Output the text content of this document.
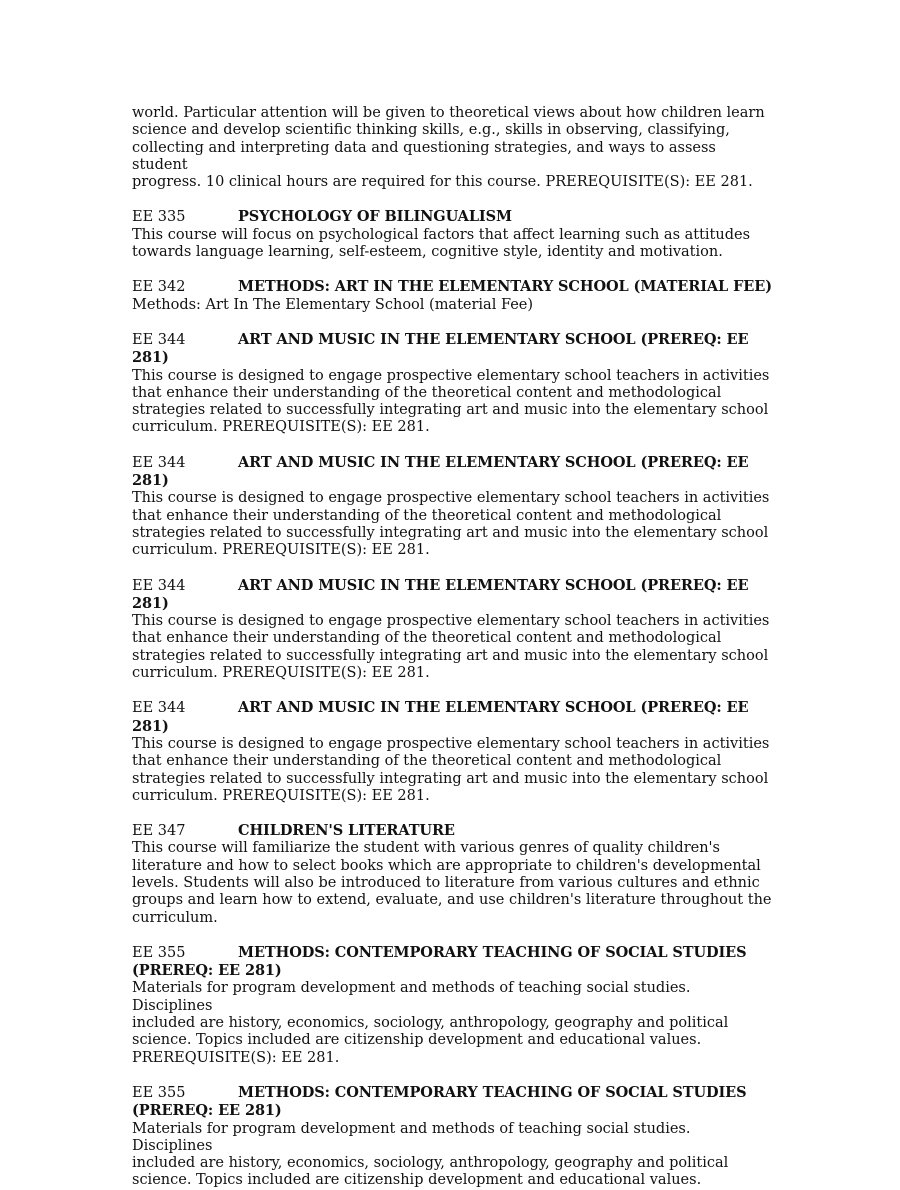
world. Particular attention will be given to theoretical views about how children learn
science and develop scientific thinking skills, e.g., skills in observing, classifying,
collecting and interpreting data and questioning strategies, and ways to assess student
progress. 10 clinical hours are required for this course. PREREQUISITE(S): EE 281.

EE 335	PSYCHOLOGY OF BILINGUALISM

This course will focus on psychological factors that affect learning such as attitudes
towards language learning, self-esteem, cognitive style, identity and motivation.

EE 342	METHODS: ART IN THE ELEMENTARY SCHOOL (MATERIAL FEE)

Methods: Art In The Elementary School (material Fee)

EE 344	ART AND MUSIC IN THE ELEMENTARY SCHOOL (PREREQ: EE 281)

This course is designed to engage prospective elementary school teachers in activities
that enhance their understanding of the theoretical content and methodological
strategies related to successfully integrating art and music into the elementary school
curriculum. PREREQUISITE(S): EE 281.

EE 344	ART AND MUSIC IN THE ELEMENTARY SCHOOL (PREREQ: EE 281)

This course is designed to engage prospective elementary school teachers in activities
that enhance their understanding of the theoretical content and methodological
strategies related to successfully integrating art and music into the elementary school
curriculum. PREREQUISITE(S): EE 281.

EE 344	ART AND MUSIC IN THE ELEMENTARY SCHOOL (PREREQ: EE 281)

This course is designed to engage prospective elementary school teachers in activities
that enhance their understanding of the theoretical content and methodological
strategies related to successfully integrating art and music into the elementary school
curriculum. PREREQUISITE(S): EE 281.

EE 344	ART AND MUSIC IN THE ELEMENTARY SCHOOL (PREREQ: EE 281)

This course is designed to engage prospective elementary school teachers in activities
that enhance their understanding of the theoretical content and methodological
strategies related to successfully integrating art and music into the elementary school
curriculum. PREREQUISITE(S): EE 281.

EE 347	CHILDREN'S LITERATURE

This course will familiarize the student with various genres of quality children's
literature and how to select books which are appropriate to children's developmental
levels. Students will also be introduced to literature from various cultures and ethnic
groups and learn how to extend, evaluate, and use children's literature throughout the
curriculum.

EE 355	METHODS: CONTEMPORARY TEACHING OF SOCIAL STUDIES
(PREREQ: EE 281)

Materials for program development and methods of teaching social studies. Disciplines
included are history, economics, sociology, anthropology, geography and political
science. Topics included are citizenship development and educational values.
PREREQUISITE(S): EE 281.

EE 355	METHODS: CONTEMPORARY TEACHING OF SOCIAL STUDIES
(PREREQ: EE 281)

Materials for program development and methods of teaching social studies. Disciplines
included are history, economics, sociology, anthropology, geography and political
science. Topics included are citizenship development and educational values.
